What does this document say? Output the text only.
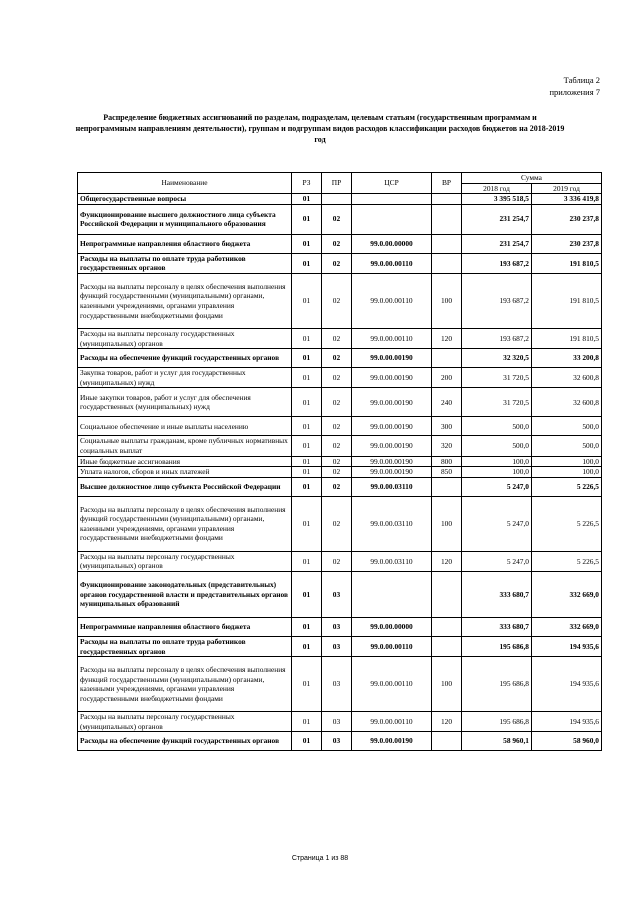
Таблица 2
приложения 7
Распределение бюджетных ассигнований по разделам, подразделам, целевым статьям (государственным программам и непрограммным направлениям деятельности), группам и подгруппам видов расходов классификации расходов бюджетов на 2018-2019 год
Наименование	РЗ	ПР	ЦСР	ВР	Сумма	
					2018 год	2019 год
Общегосударственные вопросы	01				3 395 518,5	3 336 419,8
Функционирование высшего должностного лица субъекта Российской Федерации и муниципального образования	01	02			231 254,7	230 237,8
Непрограммные направления областного бюджета	01	02	99.0.00.00000		231 254,7	230 237,8
Расходы на выплаты по оплате труда работников государственных органов	01	02	99.0.00.00110		193 687,2	191 810,5
Расходы на выплаты персоналу в целях обеспечения выполнения функций государственными (муниципальными) органами, казенными учреждениями, органами управления государственными внебюджетными фондами	01	02	99.0.00.00110	100	193 687,2	191 810,5
Расходы на выплаты персоналу государственных (муниципальных) органов	01	02	99.0.00.00110	120	193 687,2	191 810,5
Расходы на обеспечение функций государственных органов	01	02	99.0.00.00190		32 320,5	33 200,8
Закупка товаров, работ и услуг для государственных (муниципальных) нужд	01	02	99.0.00.00190	200	31 720,5	32 600,8
Иные закупки товаров, работ и услуг для обеспечения государственных (муниципальных) нужд	01	02	99.0.00.00190	240	31 720,5	32 600,8
Социальное обеспечение и иные выплаты населению	01	02	99.0.00.00190	300	500,0	500,0
Социальные выплаты гражданам, кроме публичных нормативных социальных выплат	01	02	99.0.00.00190	320	500,0	500,0
Иные бюджетные ассигнования	01	02	99.0.00.00190	800	100,0	100,0
Уплата налогов, сборов и иных платежей	01	02	99.0.00.00190	850	100,0	100,0
Высшее должностное лицо субъекта Российской Федерации	01	02	99.0.00.03110		5 247,0	5 226,5
Расходы на выплаты персоналу в целях обеспечения выполнения функций государственными (муниципальными) органами, казенными учреждениями, органами управления государственными внебюджетными фондами	01	02	99.0.00.03110	100	5 247,0	5 226,5
Расходы на выплаты персоналу государственных (муниципальных) органов	01	02	99.0.00.03110	120	5 247,0	5 226,5
Функционирование законодательных (представительных) органов государственной власти и представительных органов муниципальных образований	01	03			333 680,7	332 669,0
Непрограммные направления областного бюджета	01	03	99.0.00.00000		333 680,7	332 669,0
Расходы на выплаты по оплате труда работников государственных органов	01	03	99.0.00.00110		195 686,8	194 935,6
Расходы на выплаты персоналу в целях обеспечения выполнения функций государственными (муниципальными) органами, казенными учреждениями, органами управления государственными внебюджетными фондами	01	03	99.0.00.00110	100	195 686,8	194 935,6
Расходы на выплаты персоналу государственных (муниципальных) органов	01	03	99.0.00.00110	120	195 686,8	194 935,6
Расходы на обеспечение функций государственных органов	01	03	99.0.00.00190		58 960,1	58 960,0
Страница 1 из 88
